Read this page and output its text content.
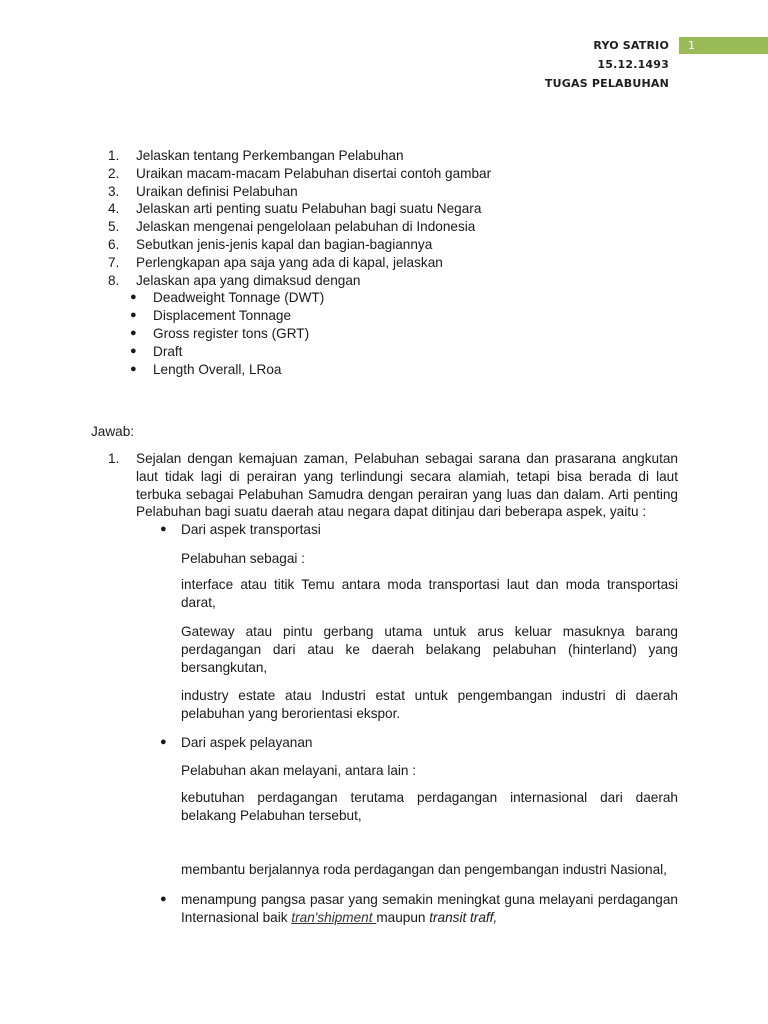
RYO SATRIO
15.12.1493
TUGAS PELABUHAN
1
1. Jelaskan tentang Perkembangan Pelabuhan
2. Uraikan macam-macam Pelabuhan disertai contoh gambar
3. Uraikan definisi Pelabuhan
4. Jelaskan arti penting suatu Pelabuhan bagi suatu Negara
5. Jelaskan mengenai pengelolaan pelabuhan di Indonesia
6. Sebutkan jenis-jenis kapal dan bagian-bagiannya
7. Perlengkapan apa saja yang ada di kapal, jelaskan
8. Jelaskan apa yang dimaksud dengan
● Deadweight Tonnage (DWT)
● Displacement Tonnage
● Gross register tons (GRT)
● Draft
● Length Overall, LRoa
Jawab:
1. Sejalan dengan kemajuan zaman, Pelabuhan sebagai sarana dan prasarana angkutan laut tidak lagi di perairan yang terlindungi secara alamiah, tetapi bisa berada di laut terbuka sebagai Pelabuhan Samudra dengan perairan yang luas dan dalam. Arti penting Pelabuhan bagi suatu daerah atau negara dapat ditinjau dari beberapa aspek, yaitu :
● Dari aspek transportasi
Pelabuhan sebagai :
interface atau titik Temu antara moda transportasi laut dan moda transportasi darat,
Gateway atau pintu gerbang utama untuk arus keluar masuknya barang perdagangan dari atau ke daerah belakang pelabuhan (hinterland) yang bersangkutan,
industry estate atau Industri estat untuk pengembangan industri di daerah pelabuhan yang berorientasi ekspor.
● Dari aspek pelayanan
Pelabuhan akan melayani, antara lain :
kebutuhan perdagangan terutama perdagangan internasional dari daerah belakang Pelabuhan tersebut,
membantu berjalannya roda perdagangan dan pengembangan industri Nasional,
● menampung pangsa pasar yang semakin meningkat guna melayani perdagangan Internasional baik tran'shipment maupun transit traff,
